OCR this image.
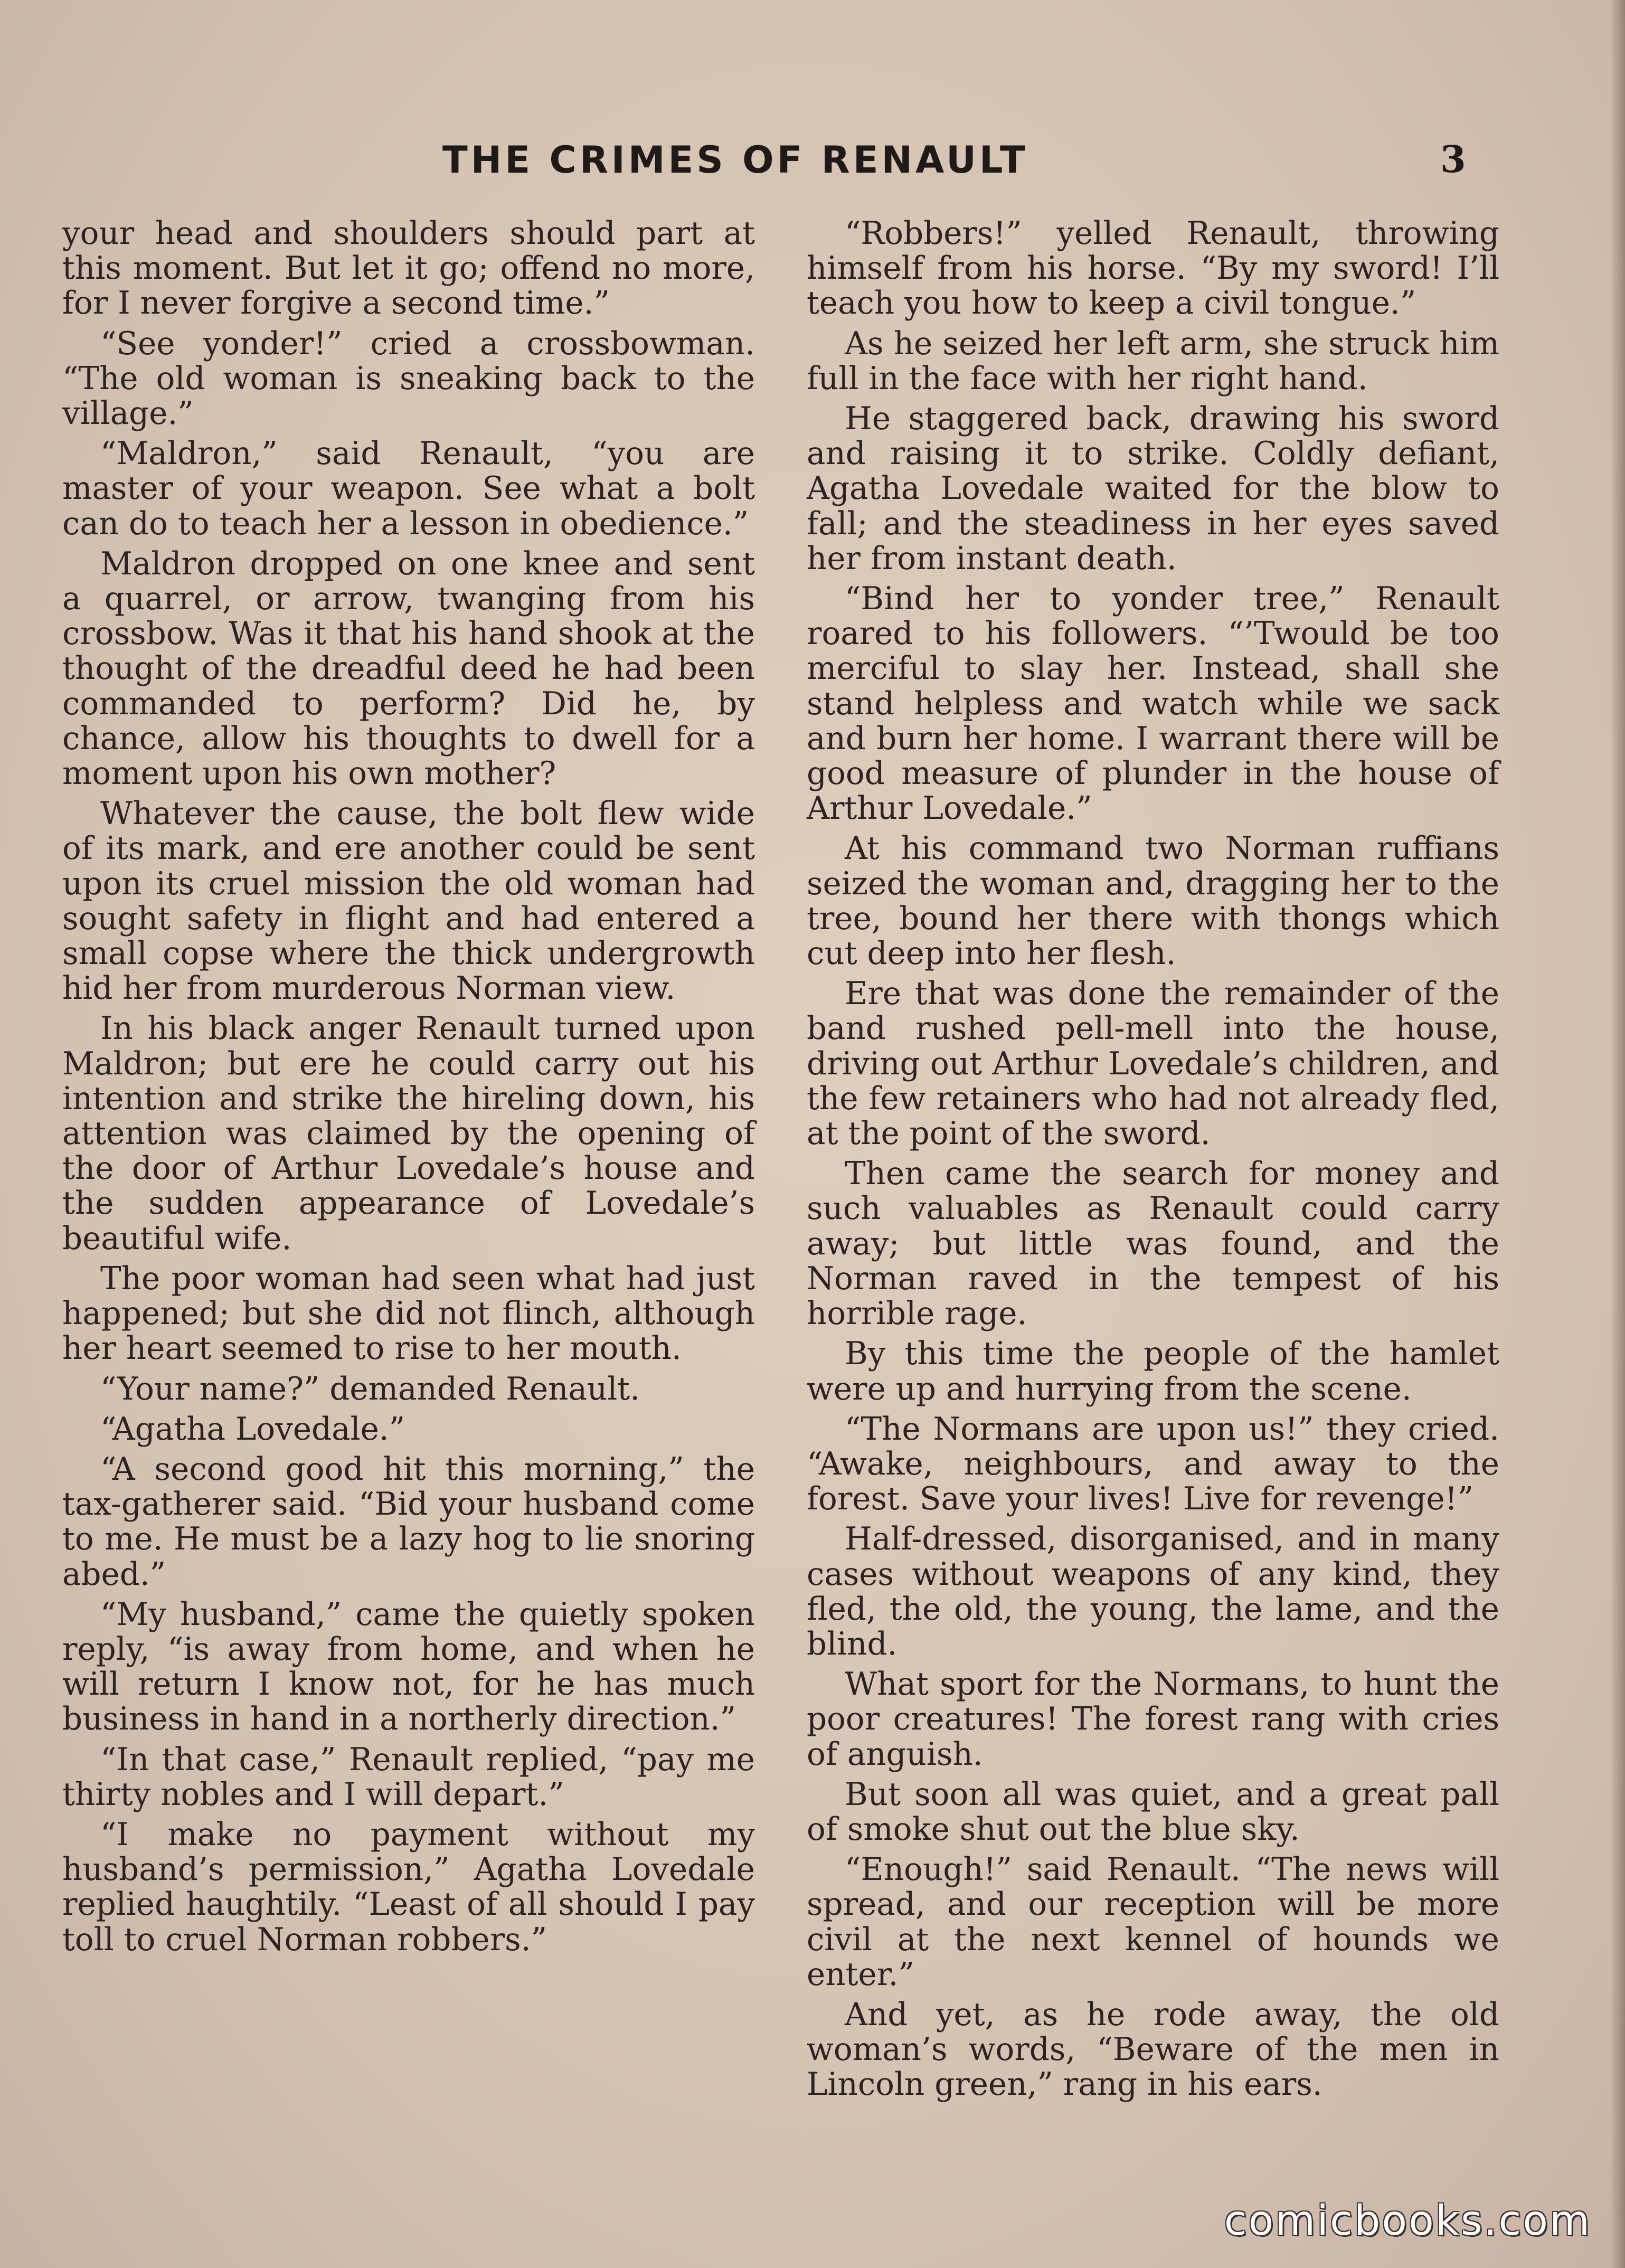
THE CRIMES OF RENAULT	3

your head and shoulders should part at this moment. But let it go; offend no more, for I never forgive a second time.”

“See yonder!” cried a crossbowman. “The old woman is sneaking back to the village.”

“Maldron,” said Renault, “you are master of your weapon. See what a bolt can do to teach her a lesson in obedience.”

Maldron dropped on one knee and sent a quarrel, or arrow, twanging from his crossbow. Was it that his hand shook at the thought of the dreadful deed he had been commanded to perform? Did he, by chance, allow his thoughts to dwell for a moment upon his own mother?

Whatever the cause, the bolt flew wide of its mark, and ere another could be sent upon its cruel mission the old woman had sought safety in flight and had entered a small copse where the thick undergrowth hid her from murderous Norman view.

In his black anger Renault turned upon Maldron; but ere he could carry out his intention and strike the hireling down, his attention was claimed by the opening of the door of Arthur Lovedale’s house and the sudden appearance of Lovedale’s beautiful wife.

The poor woman had seen what had just happened; but she did not flinch, although her heart seemed to rise to her mouth.

“Your name?” demanded Renault.

“Agatha Lovedale.”

“A second good hit this morning,” the tax-gatherer said. “Bid your husband come to me. He must be a lazy hog to lie snoring abed.”

“My husband,” came the quietly spoken reply, “is away from home, and when he will return I know not, for he has much business in hand in a northerly direction.”

“In that case,” Renault replied, “pay me thirty nobles and I will depart.”

“I make no payment without my husband’s permission,” Agatha Lovedale replied haughtily. “Least of all should I pay toll to cruel Norman robbers.”

“Robbers!” yelled Renault, throwing himself from his horse. “By my sword! I’ll teach you how to keep a civil tongue.”

As he seized her left arm, she struck him full in the face with her right hand.

He staggered back, drawing his sword and raising it to strike. Coldly defiant, Agatha Lovedale waited for the blow to fall; and the steadiness in her eyes saved her from instant death.

“Bind her to yonder tree,” Renault roared to his followers. “’Twould be too merciful to slay her. Instead, shall she stand helpless and watch while we sack and burn her home. I warrant there will be good measure of plunder in the house of Arthur Lovedale.”

At his command two Norman ruffians seized the woman and, dragging her to the tree, bound her there with thongs which cut deep into her flesh.

Ere that was done the remainder of the band rushed pell-mell into the house, driving out Arthur Lovedale’s children, and the few retainers who had not already fled, at the point of the sword.

Then came the search for money and such valuables as Renault could carry away; but little was found, and the Norman raved in the tempest of his horrible rage.

By this time the people of the hamlet were up and hurrying from the scene.

“The Normans are upon us!” they cried. “Awake, neighbours, and away to the forest. Save your lives! Live for revenge!”

Half-dressed, disorganised, and in many cases without weapons of any kind, they fled, the old, the young, the lame, and the blind.

What sport for the Normans, to hunt the poor creatures! The forest rang with cries of anguish.

But soon all was quiet, and a great pall of smoke shut out the blue sky.

“Enough!” said Renault. “The news will spread, and our reception will be more civil at the next kennel of hounds we enter.”

And yet, as he rode away, the old woman’s words, “Beware of the men in Lincoln green,” rang in his ears.

comicbooks.com
